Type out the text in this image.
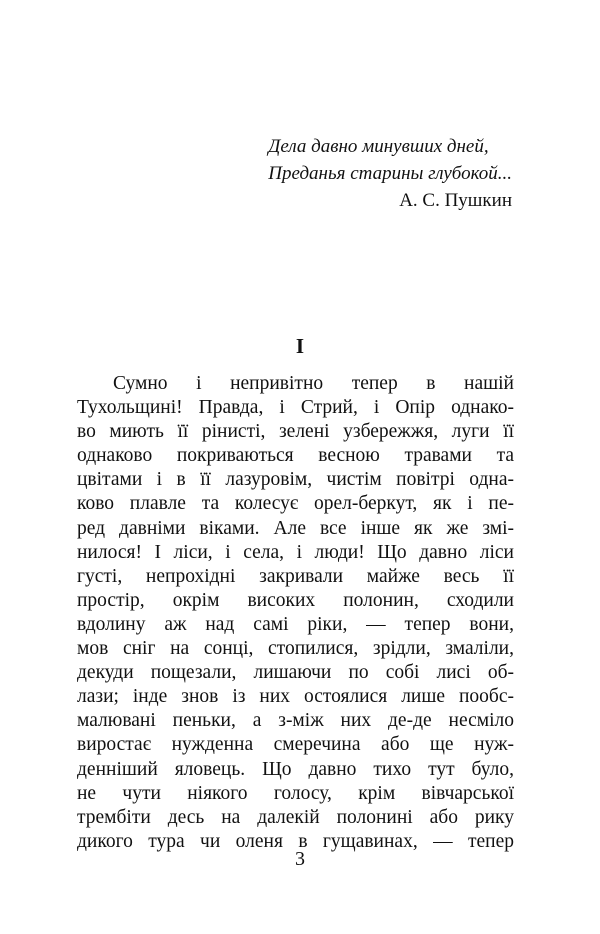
Дела давно минувших дней,
Преданья старины глубокой...
А. С. Пушкин
I
Сумно і непривітно тепер в нашій
Тухольщині! Правда, і Стрий, і Опір однако-
во миють її рінисті, зелені узбережжя, луги її
однаково покриваються весною травами та
цвітами і в її лазуровім, чистім повітрі одна-
ково плавле та колесує орел-беркут, як і пе-
ред давніми віками. Але все інше як же змі-
нилося! І ліси, і села, і люди! Що давно ліси
густі, непрохідні закривали майже весь її
простір, окрім високих полонин, сходили
вдолину аж над самі ріки, — тепер вони,
мов сніг на сонці, стопилися, зрідли, змаліли,
декуди пощезали, лишаючи по собі лисі об-
лази; інде знов із них остоялися лише пообс-
малювані пеньки, а з-між них де-де несміло
виростає нужденна смеречина або ще нуж-
денніший яловець. Що давно тихо тут було,
не чути ніякого голосу, крім вівчарської
трембіти десь на далекій полонині або рику
дикого тура чи оленя в гущавинах, — тепер
3
